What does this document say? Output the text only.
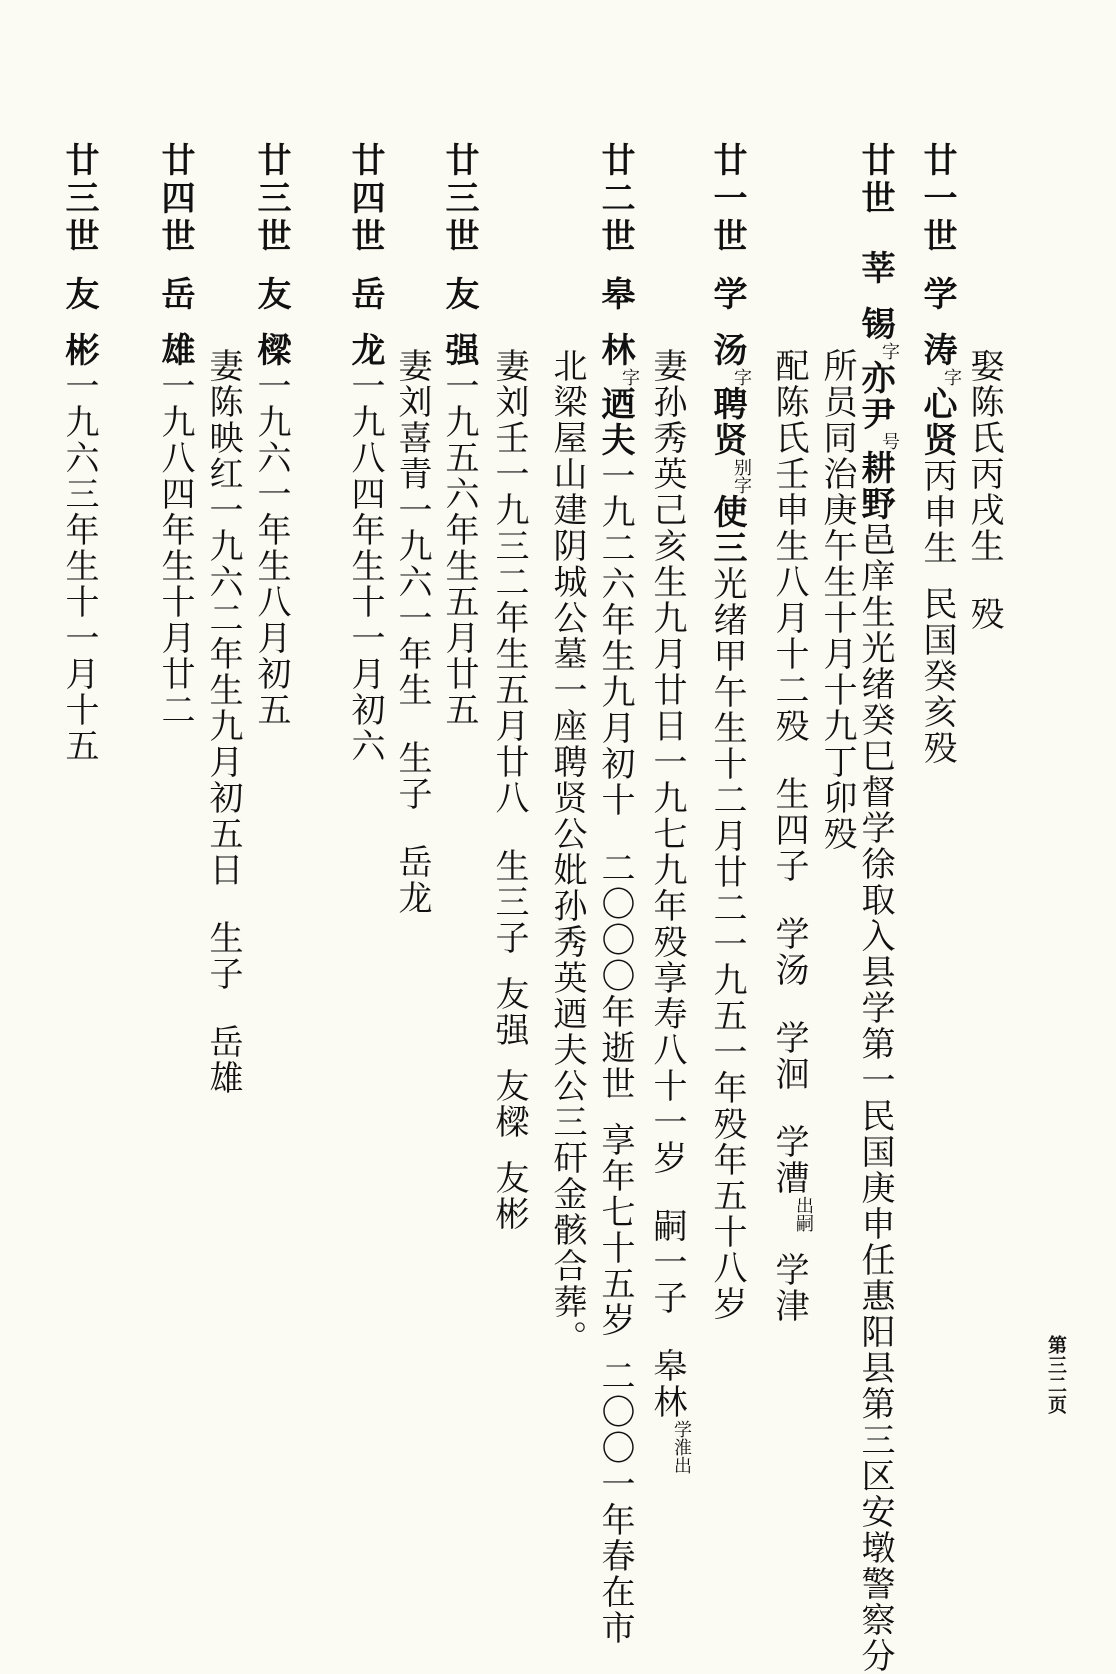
娶陈氏丙戌生殁
廿一世学涛字心贤丙申生民国癸亥殁
廿世莘锡字亦尹号耕野邑庠生光绪癸巳督学徐取入县学第一民国庚申任惠阳县第三区安墩警察分
所员同治庚午生十月十九丁卯殁
配陈氏壬申生八月十二殁生四子学汤学洄学漕出嗣学津
廿一世学汤字聘贤别字使三光绪甲午生十二月廿二一九五一年殁年五十八岁
妻孙秀英己亥生九月廿日一九七九年殁享寿八十一岁嗣一子皋林学淮出
廿二世皋林字迺夫一九二六年生九月初十二〇〇〇年逝世享年七十五岁二〇〇一年春在市
北梁屋山建阴城公墓一座聘贤公妣孙秀英迺夫公三矸金骸合葬。
妻刘壬一九三二年生五月廿八生三子友强友樑友彬
廿三世友强一九五六年生五月廿五
妻刘喜青一九六一年生生子岳龙
廿四世岳龙一九八四年生十一月初六
廿三世友樑一九六一年生八月初五
妻陈映红一九六二年生九月初五日生子岳雄
廿四世岳雄一九八四年生十月廿二
廿三世友彬一九六三年生十一月十五
第三二页
